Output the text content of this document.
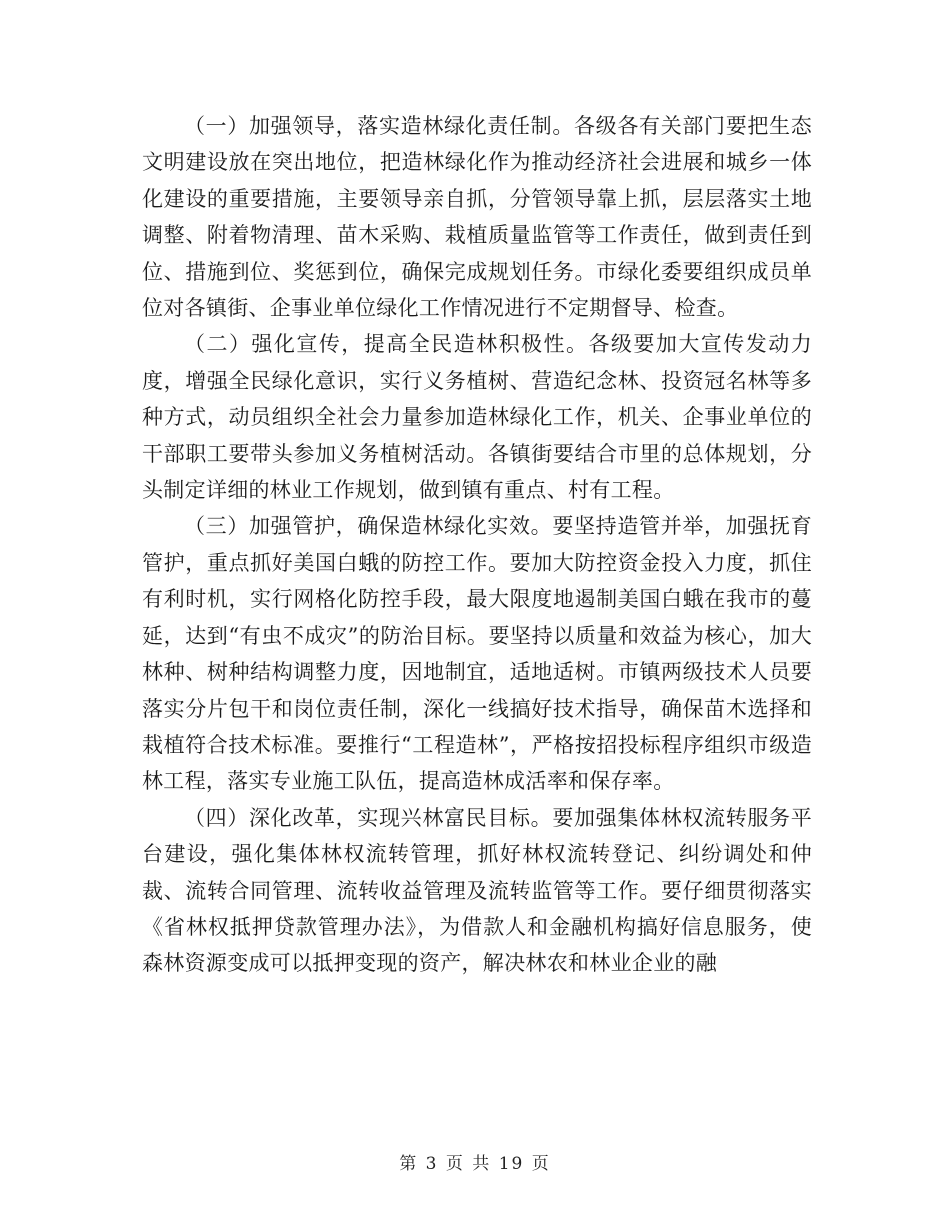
（一）加强领导，落实造林绿化责任制。各级各有关部门要把生态文明建设放在突出地位，把造林绿化作为推动经济社会进展和城乡一体化建设的重要措施，主要领导亲自抓，分管领导靠上抓，层层落实土地调整、附着物清理、苗木采购、栽植质量监管等工作责任，做到责任到位、措施到位、奖惩到位，确保完成规划任务。市绿化委要组织成员单位对各镇街、企事业单位绿化工作情况进行不定期督导、检查。

（二）强化宣传，提高全民造林积极性。各级要加大宣传发动力度，增强全民绿化意识，实行义务植树、营造纪念林、投资冠名林等多种方式，动员组织全社会力量参加造林绿化工作，机关、企事业单位的干部职工要带头参加义务植树活动。各镇街要结合市里的总体规划，分头制定详细的林业工作规划，做到镇有重点、村有工程。

（三）加强管护，确保造林绿化实效。要坚持造管并举，加强抚育管护，重点抓好美国白蛾的防控工作。要加大防控资金投入力度，抓住有利时机，实行网格化防控手段，最大限度地遏制美国白蛾在我市的蔓延，达到“有虫不成灾”的防治目标。要坚持以质量和效益为核心，加大林种、树种结构调整力度，因地制宜，适地适树。市镇两级技术人员要落实分片包干和岗位责任制，深化一线搞好技术指导，确保苗木选择和栽植符合技术标准。要推行“工程造林”，严格按招投标程序组织市级造林工程，落实专业施工队伍，提高造林成活率和保存率。

（四）深化改革，实现兴林富民目标。要加强集体林权流转服务平台建设，强化集体林权流转管理，抓好林权流转登记、纠纷调处和仲裁、流转合同管理、流转收益管理及流转监管等工作。要仔细贯彻落实《省林权抵押贷款管理办法》，为借款人和金融机构搞好信息服务，使森林资源变成可以抵押变现的资产，解决林农和林业企业的融

第 3 页 共 19 页
